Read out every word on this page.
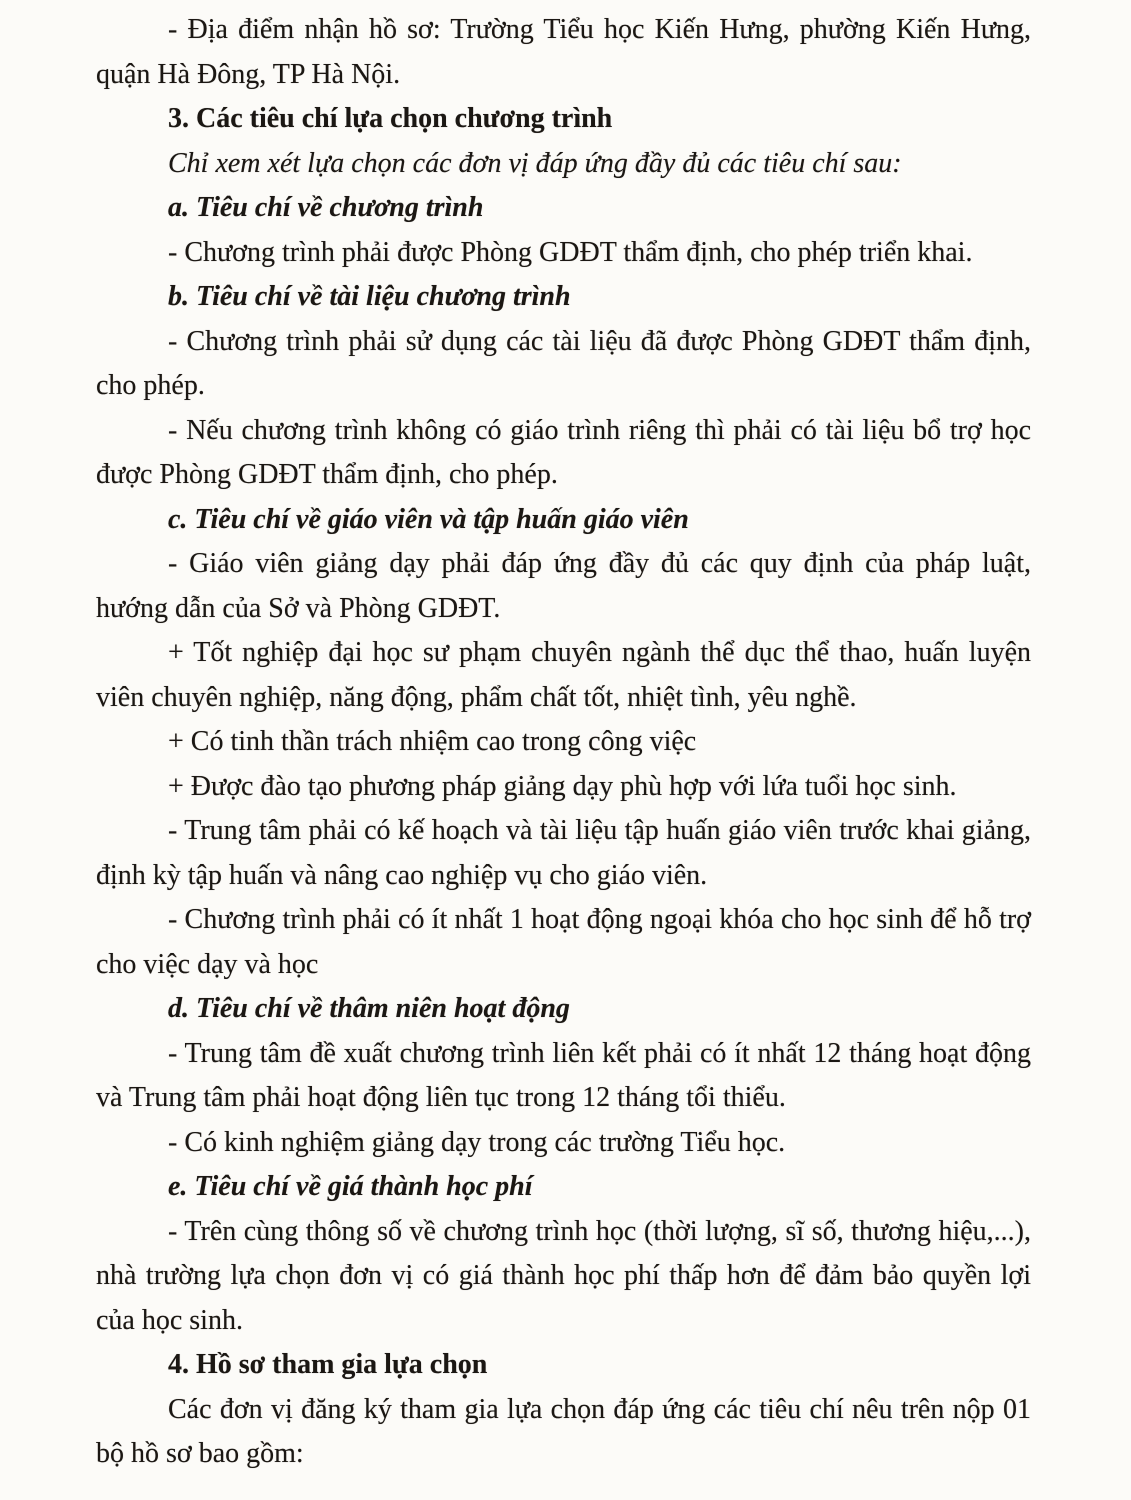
- Địa điểm nhận hồ sơ: Trường Tiểu học Kiến Hưng, phường Kiến Hưng, quận Hà Đông, TP Hà Nội.

3. Các tiêu chí lựa chọn chương trình

Chỉ xem xét lựa chọn các đơn vị đáp ứng đầy đủ các tiêu chí sau:

a. Tiêu chí về chương trình

- Chương trình phải được Phòng GDĐT thẩm định, cho phép triển khai.

b. Tiêu chí về tài liệu chương trình

- Chương trình phải sử dụng các tài liệu đã được Phòng GDĐT thẩm định, cho phép.

- Nếu chương trình không có giáo trình riêng thì phải có tài liệu bổ trợ học được Phòng GDĐT thẩm định, cho phép.

c. Tiêu chí về giáo viên và tập huấn giáo viên

- Giáo viên giảng dạy phải đáp ứng đầy đủ các quy định của pháp luật, hướng dẫn của Sở và Phòng GDĐT.

+ Tốt nghiệp đại học sư phạm chuyên ngành thể dục thể thao, huấn luyện viên chuyên nghiệp, năng động, phẩm chất tốt, nhiệt tình, yêu nghề.

+ Có tinh thần trách nhiệm cao trong công việc

+ Được đào tạo phương pháp giảng dạy phù hợp với lứa tuổi học sinh.

- Trung tâm phải có kế hoạch và tài liệu tập huấn giáo viên trước khai giảng, định kỳ tập huấn và nâng cao nghiệp vụ cho giáo viên.

- Chương trình phải có ít nhất 1 hoạt động ngoại khóa cho học sinh để hỗ trợ cho việc dạy và học

d. Tiêu chí về thâm niên hoạt động

- Trung tâm đề xuất chương trình liên kết phải có ít nhất 12 tháng hoạt động và Trung tâm phải hoạt động liên tục trong 12 tháng tổi thiểu.

- Có kinh nghiệm giảng dạy trong các trường Tiểu học.

e. Tiêu chí về giá thành học phí

- Trên cùng thông số về chương trình học (thời lượng, sĩ số, thương hiệu,...), nhà trường lựa chọn đơn vị có giá thành học phí thấp hơn để đảm bảo quyền lợi của học sinh.

4. Hồ sơ tham gia lựa chọn

Các đơn vị đăng ký tham gia lựa chọn đáp ứng các tiêu chí nêu trên nộp 01 bộ hồ sơ bao gồm:
